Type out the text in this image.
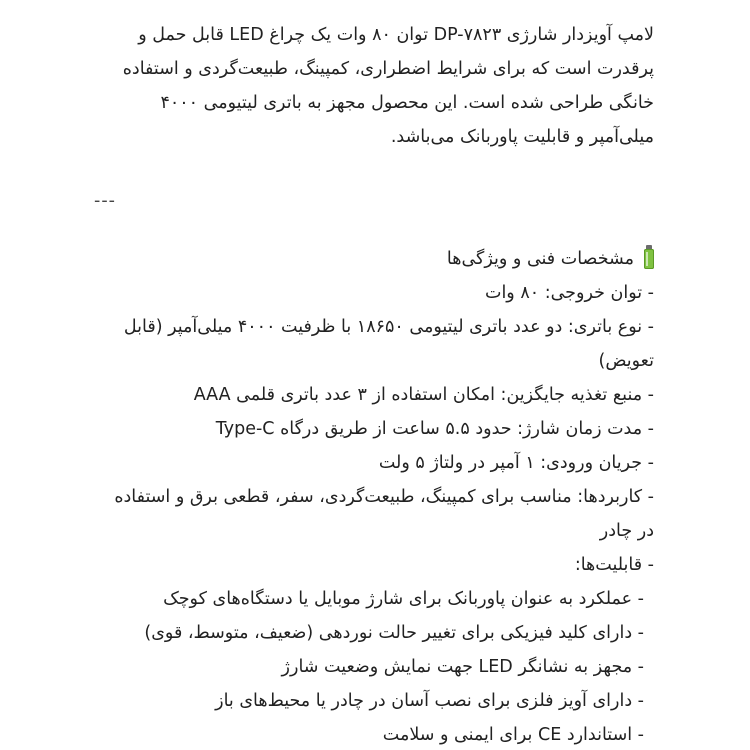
لامپ آویزدار شارژی DP-۷۸۲۳ توان ۸۰ وات یک چراغ LED قابل حمل و پرقدرت است که برای شرایط اضطراری، کمپینگ، طبیعت‌گردی و استفاده خانگی طراحی شده است. این محصول مجهز به باتری لیتیومی ۴۰۰۰ میلی‌آمپر و قابلیت پاوربانک می‌باشد.

---
مشخصات فنی و ویژگی‌ها
- توان خروجی: ۸۰ وات
- نوع باتری: دو عدد باتری لیتیومی ۱۸۶۵۰ با ظرفیت ۴۰۰۰ میلی‌آمپر (قابل تعویض)
- منبع تغذیه جایگزین: امکان استفاده از ۳ عدد باتری قلمی AAA
- مدت زمان شارژ: حدود ۵.۵ ساعت از طریق درگاه Type-C
- جریان ورودی: ۱ آمپر در ولتاژ ۵ ولت
- کاربردها: مناسب برای کمپینگ، طبیعت‌گردی، سفر، قطعی برق و استفاده در چادر
- قابلیت‌ها:
- عملکرد به عنوان پاوربانک برای شارژ موبایل یا دستگاه‌های کوچک
- دارای کلید فیزیکی برای تغییر حالت نوردهی (ضعیف، متوسط، قوی)
- مجهز به نشانگر LED جهت نمایش وضعیت شارژ
- دارای آویز فلزی برای نصب آسان در چادر یا محیط‌های باز
- استاندارد CE برای ایمنی و سلامت
